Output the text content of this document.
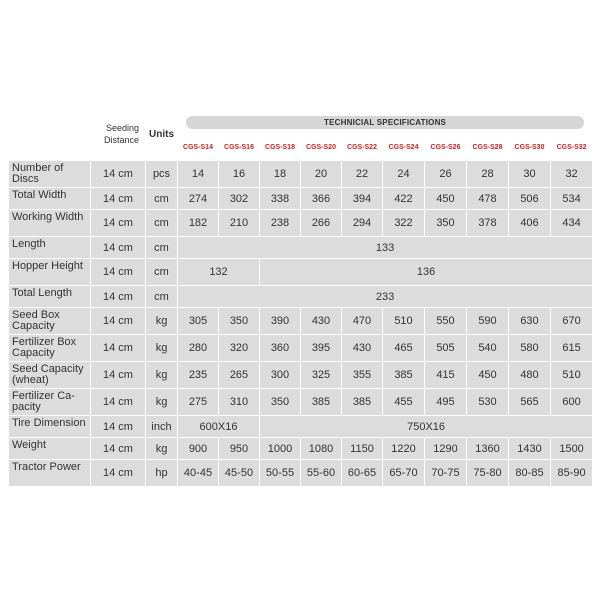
	Seeding Distance	Units	TECHNICIAL SPECIFICATIONS									

			CGS-S14	CGS-S16	CGS-S18	CGS-S20	CGS-S22	CGS-S24	CGS-S26	CGS-S28	CGS-S30	CGS-S32
Number of Discs	14 cm	pcs	14	16	18	20	22	24	26	28	30	32
Total Width	14 cm	cm	274	302	338	366	394	422	450	478	506	534
Working Width	14 cm	cm	182	210	238	266	294	322	350	378	406	434
Length	14 cm	cm	133									
Hopper Height	14 cm	cm	132		136							
Total Length	14 cm	cm	233									
Seed Box Capacity	14 cm	kg	305	350	390	430	470	510	550	590	630	670
Fertilizer Box Capacity	14 cm	kg	280	320	360	395	430	465	505	540	580	615
Seed Capacity (wheat)	14 cm	kg	235	265	300	325	355	385	415	450	480	510
Fertilizer Ca-pacity	14 cm	kg	275	310	350	385	385	455	495	530	565	600
Tire Dimension	14 cm	inch	600X16		750X16							
Weight	14 cm	kg	900	950	1000	1080	1150	1220	1290	1360	1430	1500
Tractor Power	14 cm	hp	40-45	45-50	50-55	55-60	60-65	65-70	70-75	75-80	80-85	85-90
